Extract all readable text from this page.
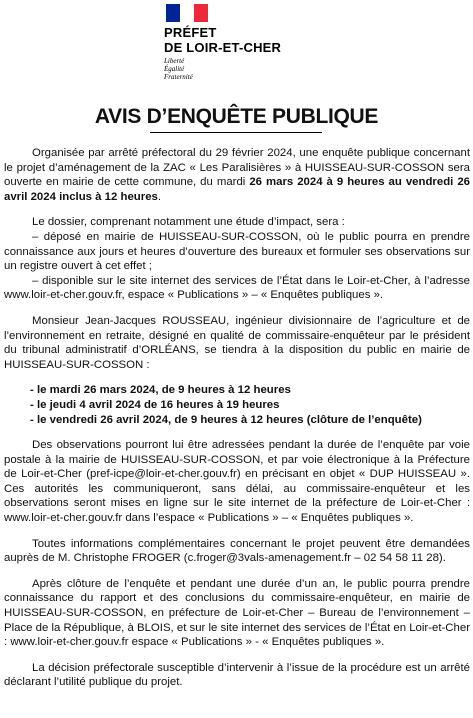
PRÉFET
DE LOIR-ET-CHER
Liberté
Égalité
Fraternité
AVIS D’ENQUÊTE PUBLIQUE

Organisée par arrêté préfectoral du 29 février 2024, une enquête publique concernant le projet d’aménagement de la ZAC « Les Paralisières » à HUISSEAU-SUR-COSSON sera ouverte en mairie de cette commune, du mardi 26 mars 2024 à 9 heures au vendredi 26 avril 2024 inclus à 12 heures.

Le dossier, comprenant notamment une étude d’impact, sera :

– déposé en mairie de HUISSEAU-SUR-COSSON, où le public pourra en prendre connaissance aux jours et heures d’ouverture des bureaux et formuler ses observations sur un registre ouvert à cet effet ;

– disponible sur le site internet des services de l’État dans le Loir-et-Cher, à l’adresse www.loir-et-cher.gouv.fr, espace « Publications » – « Enquêtes publiques ».

Monsieur Jean-Jacques ROUSSEAU, ingénieur divisionnaire de l’agriculture et de l’environnement en retraite, désigné en qualité de commissaire-enquêteur par le président du tribunal administratif d’ORLÉANS, se tiendra à la disposition du public en mairie de HUISSEAU-SUR-COSSON :

- le mardi 26 mars 2024, de 9 heures à 12 heures
- le jeudi 4 avril 2024 de 16 heures à 19 heures
- le vendredi 26 avril 2024, de 9 heures à 12 heures (clôture de l’enquête)

Des observations pourront lui être adressées pendant la durée de l’enquête par voie postale à la mairie de HUISSEAU-SUR-COSSON, et par voie électronique à la Préfecture de Loir-et-Cher (pref-icpe@loir-et-cher.gouv.fr) en précisant en objet « DUP HUISSEAU ». Ces autorités les communiqueront, sans délai, au commissaire-enquêteur et les observations seront mises en ligne sur le site internet de la préfecture de Loir-et-Cher : www.loir-et-cher.gouv.fr dans l’espace « Publications » – « Enquêtes publiques ».

Toutes informations complémentaires concernant le projet peuvent être demandées auprès de M. Christophe FROGER (c.froger@3vals-amenagement.fr – 02 54 58 11 28).

Après clôture de l’enquête et pendant une durée d’un an, le public pourra prendre connaissance du rapport et des conclusions du commissaire-enquêteur, en mairie de HUISSEAU-SUR-COSSON, en préfecture de Loir-et-Cher – Bureau de l’environnement – Place de la République, à BLOIS, et sur le site internet des services de l’État en Loir-et-Cher : www.loir-et-cher.gouv.fr espace « Publications » - « Enquêtes publiques ».

La décision préfectorale susceptible d’intervenir à l’issue de la procédure est un arrêté déclarant l’utilité publique du projet.
